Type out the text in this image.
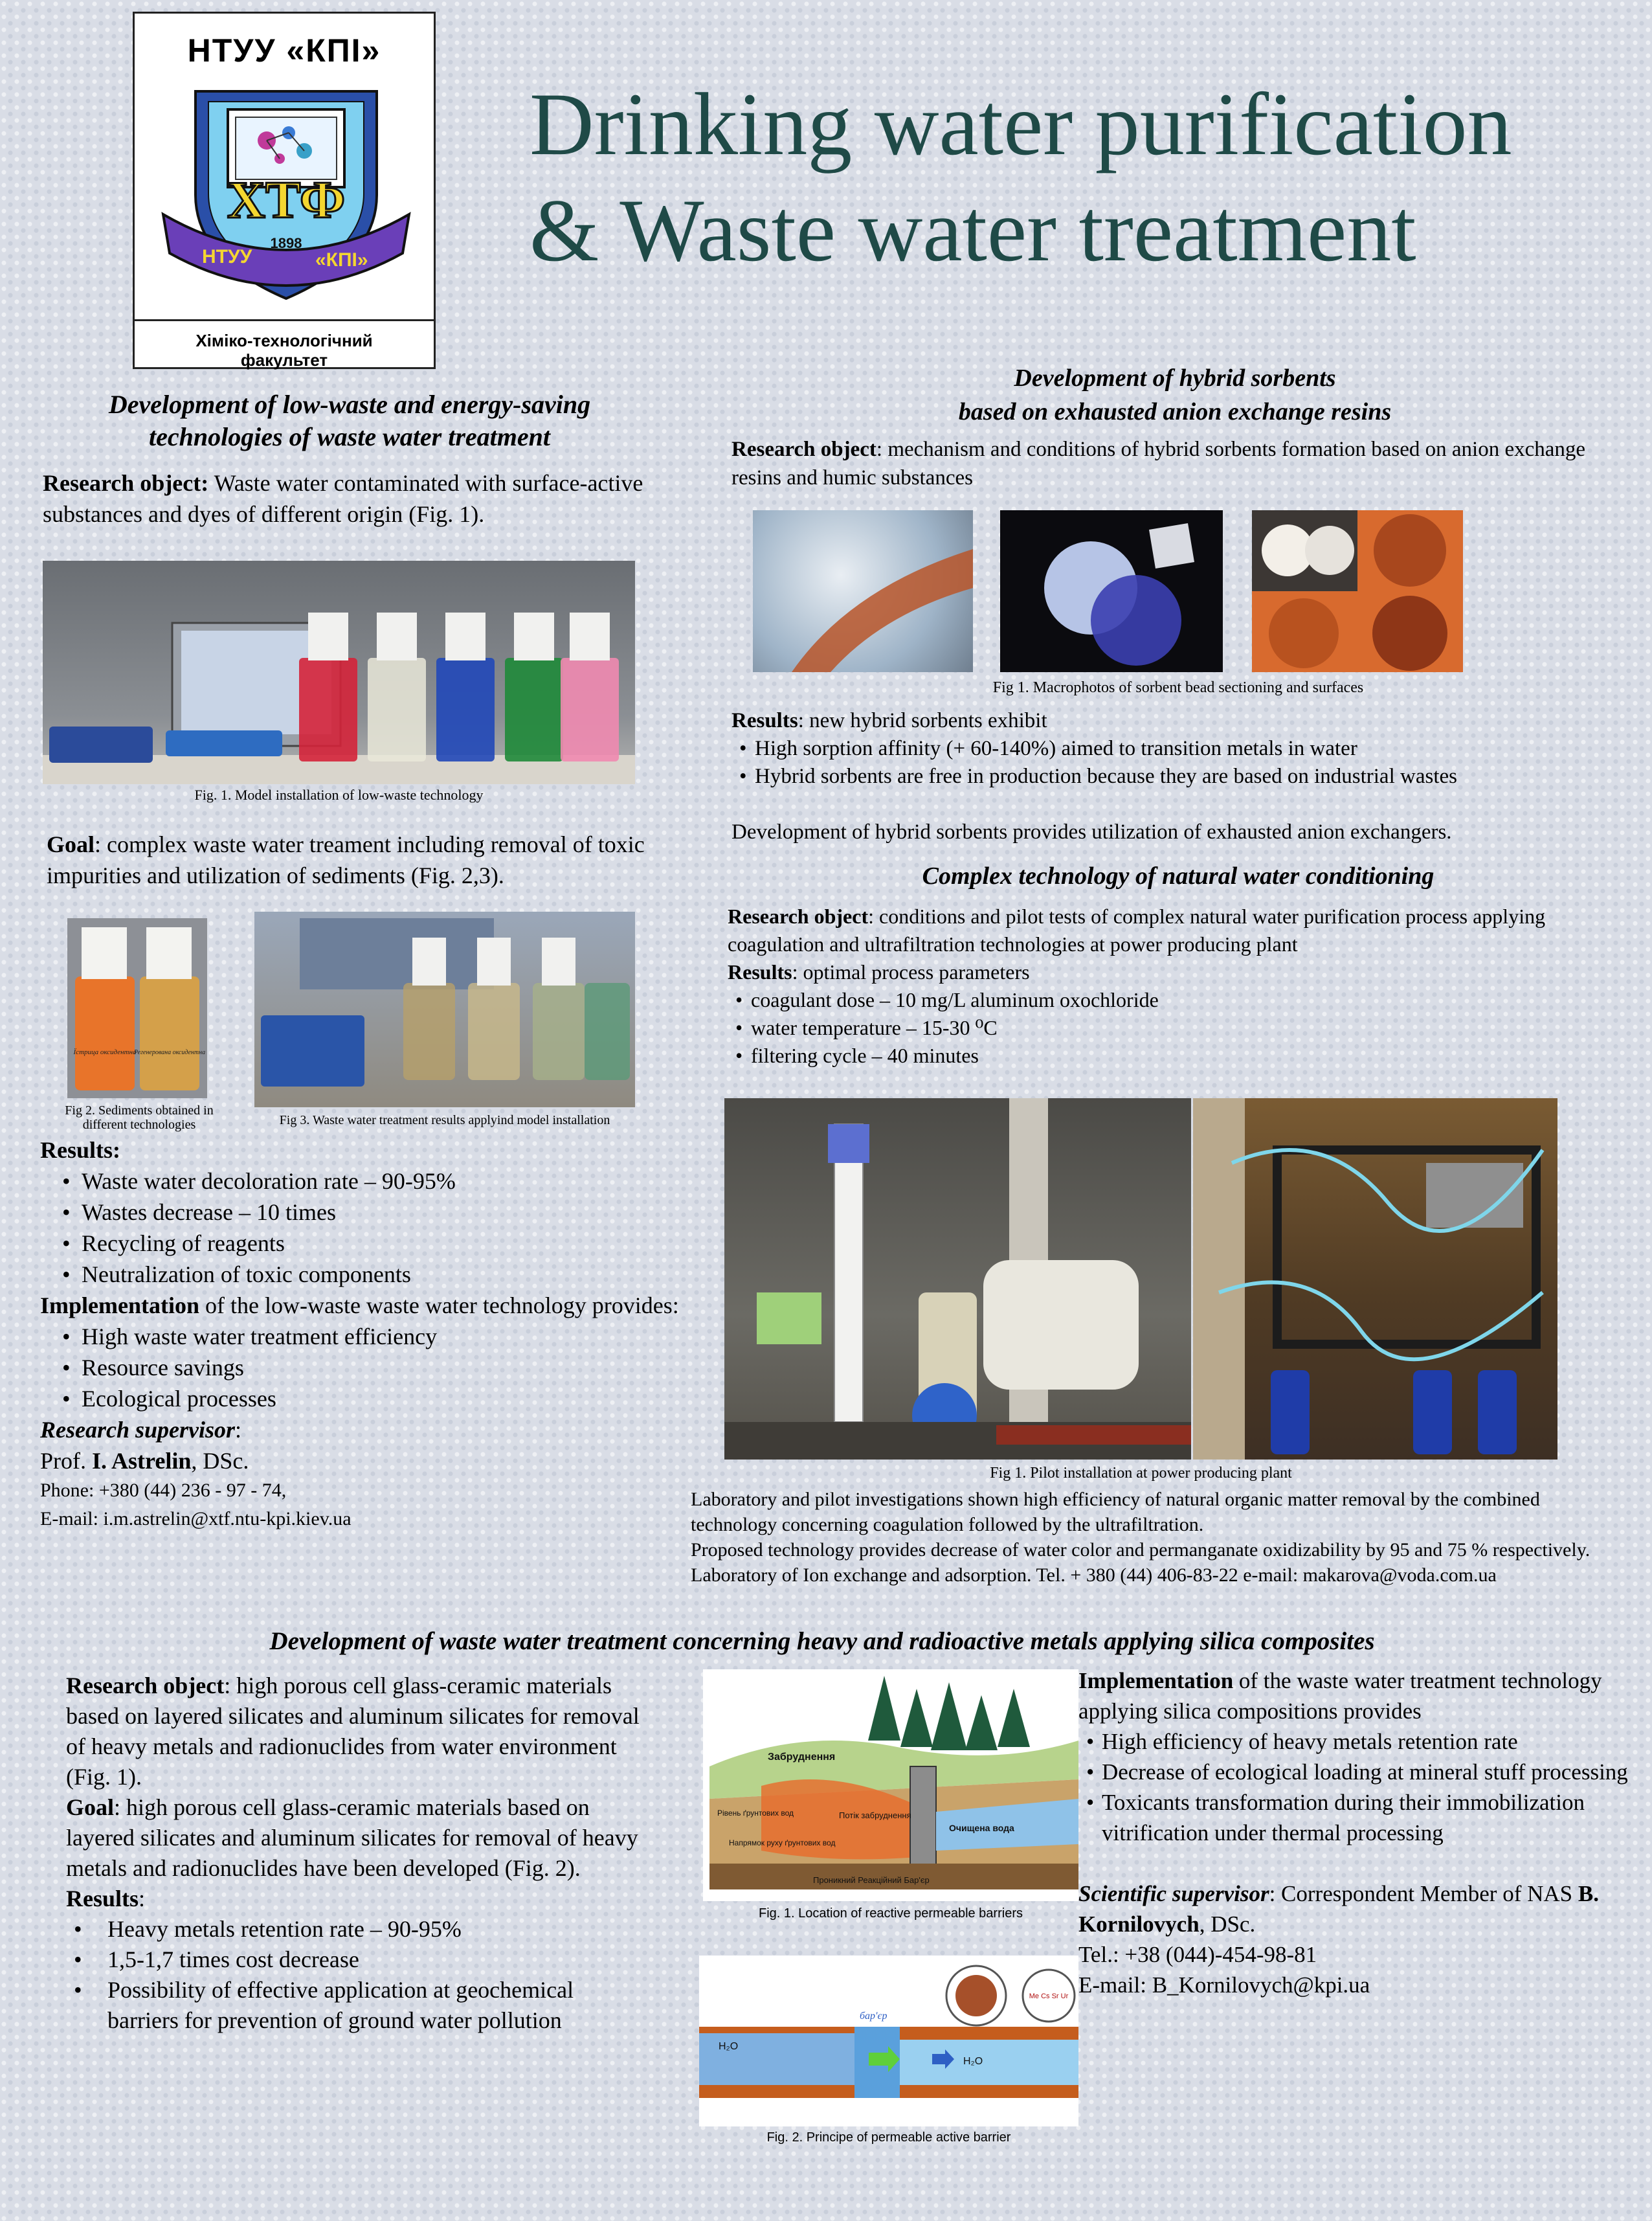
НТУУ «КПІ»
ХТФ
1898
НТУУ	«КПІ»
Хіміко-технологічний
факультет
Drinking water purification
& Waste water treatment
Development of low-waste and energy-saving
technologies of waste water treatment
Research object: Waste water contaminated with surface-active substances and dyes of different origin (Fig. 1).
Fig. 1. Model installation of low-waste technology
Goal: complex waste water treament including removal of toxic impurities and utilization of sediments (Fig. 2,3).
Їстрица оксидентна
Регенерована оксидентна
Fig 2. Sediments obtained in different technologies	Fig 3. Waste water treatment results applyind model installation
Results:
• Waste water decoloration rate – 90-95%
• Wastes decrease – 10 times
• Recycling of reagents
• Neutralization of toxic components
Implementation of the low-waste waste water technology provides:
• High waste water treatment efficiency
• Resource savings
• Ecological processes
Research supervisor:
Prof. I. Astrelin, DSc.
Phone: +380 (44) 236 - 97 - 74,
E-mail: i.m.astrelin@xtf.ntu-kpi.kiev.ua
Development of hybrid sorbents
based on exhausted anion exchange resins
Research object: mechanism and conditions of hybrid sorbents formation based on anion exchange resins and humic substances
Fig 1. Macrophotos of sorbent bead sectioning and surfaces
Results: new hybrid sorbents exhibit
• High sorption affinity (+ 60-140%) aimed to transition metals in water
• Hybrid sorbents are free in production because they are based on industrial wastes
Development of hybrid sorbents provides utilization of exhausted anion exchangers.
Complex technology of natural water conditioning
Research object: conditions and pilot tests of complex natural water purification process applying coagulation and ultrafiltration technologies at power producing plant
Results: optimal process parameters
• coagulant dose – 10 mg/L aluminum oxochloride
• water temperature – 15-30 ⁰C
• filtering cycle – 40 minutes
Fig 1. Pilot installation at power producing plant
Laboratory and pilot investigations shown high efficiency of natural organic matter removal by the combined technology concerning coagulation followed by the ultrafiltration.
Proposed technology provides decrease of water color and permanganate oxidizability by 95 and 75 % respectively.
Laboratory of Ion exchange and adsorption. Tel. + 380 (44) 406-83-22 e-mail: makarova@voda.com.ua
Development of waste water treatment concerning heavy and radioactive metals applying silica composites
Research object: high porous cell glass-ceramic materials based on layered silicates and aluminum silicates for removal of heavy metals and radionuclides from water environment (Fig. 1).
Goal: high porous cell glass-ceramic materials based on layered silicates and aluminum silicates for removal of heavy metals and radionuclides have been developed (Fig. 2).
Results:
• Heavy metals retention rate – 90-95%
• 1,5-1,7 times cost decrease
• Possibility of effective application at geochemical barriers for prevention of ground water pollution
Забруднення
Рівень ґрунтових вод
Напрямок руху ґрунтових вод
Потік забруднення
Очищена вода
Проникний Реакційний Бар'єр
Fig. 1. Location of reactive permeable barriers
H₂O
H₂O
бар'єр
Me Cs Sr Ur
Fig. 2. Principe of permeable active barrier
Implementation of the waste water treatment technology applying silica compositions provides
• High efficiency of heavy metals retention rate
• Decrease of ecological loading at mineral stuff processing
• Toxicants transformation during their immobilization vitrification under thermal processing
Scientific supervisor: Correspondent Member of NAS B. Kornilovych, DSc.
Tel.: +38 (044)-454-98-81
E-mail: B_Kornilovych@kpi.ua
